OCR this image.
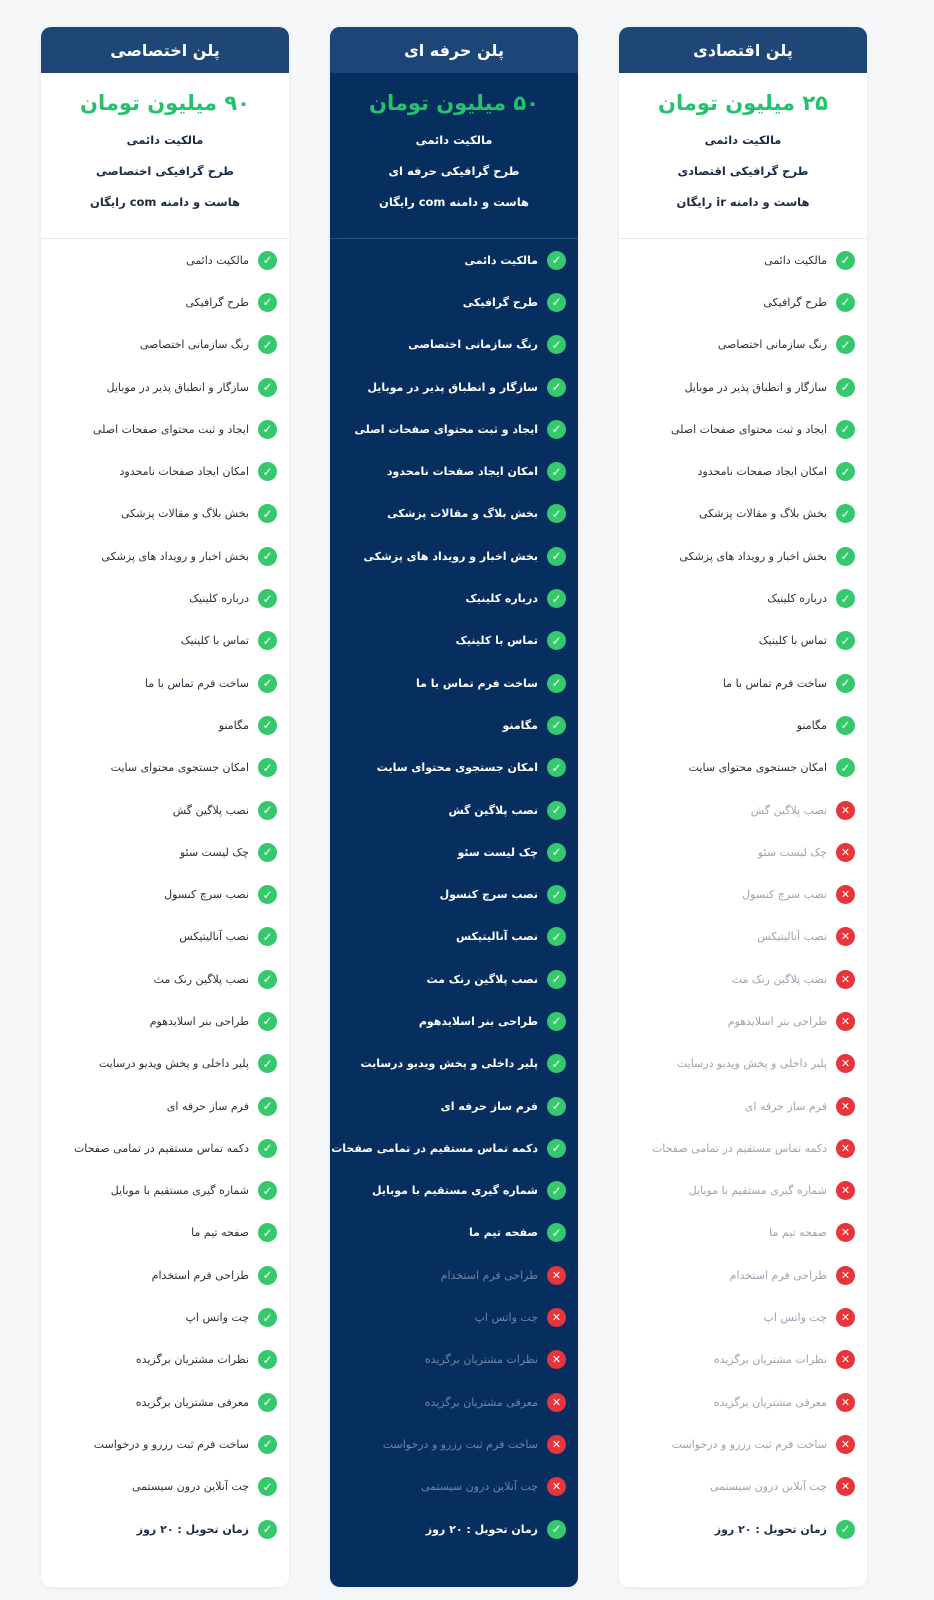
پلن اختصاصی
۹۰ میلیون تومان
مالکیت دائمی
طرح گرافیکی اختصاصی
هاست و دامنه com رایگان
✓
مالکیت دائمی
✓
طرح گرافیکی
✓
رنگ سازمانی اختصاصی
✓
سازگار و انطباق پذیر در موبایل
✓
ایجاد و ثبت محتوای صفحات اصلی
✓
امکان ایجاد صفحات نامحدود
✓
بخش بلاگ و مقالات پزشکی
✓
بخش اخبار و رویداد های پزشکی
✓
درباره کلینیک
✓
تماس با کلینیک
✓
ساخت فرم تماس با ما
✓
مگامنو
✓
امکان جستجوی محتوای سایت
✓
نصب پلاگین گش
✓
چک لیست سئو
✓
نصب سرچ کنسول
✓
نصب آنالیتیکس
✓
نصب پلاگین رنک مث
✓
طراحی بنر اسلایدهوم
✓
پلیر داخلی و پخش ویدیو درسایت
✓
فرم ساز حرفه ای
✓
دکمه تماس مستقیم در تمامی صفحات
✓
شماره گیری مستقیم با موبایل
✓
صفحه تیم ما
✓
طراحی فرم استخدام
✓
چت واتس اپ
✓
نظرات مشتریان برگزیده
✓
معرفی مشتریان برگزیده
✓
ساخت فرم ثبت رزرو و درخواست
✓
چت آنلاین درون سیستمی
✓
زمان تحویل : ۲۰ روز
پلن حرفه ای
۵۰ میلیون تومان
مالکیت دائمی
طرح گرافیکی حرفه ای
هاست و دامنه com رایگان
✓
مالکیت دائمی
✓
طرح گرافیکی
✓
رنگ سازمانی اختصاصی
✓
سازگار و انطباق پذیر در موبایل
✓
ایجاد و ثبت محتوای صفحات اصلی
✓
امکان ایجاد صفحات نامحدود
✓
بخش بلاگ و مقالات پزشکی
✓
بخش اخبار و رویداد های پزشکی
✓
درباره کلینیک
✓
تماس با کلینیک
✓
ساخت فرم تماس با ما
✓
مگامنو
✓
امکان جستجوی محتوای سایت
✓
نصب پلاگین گش
✓
چک لیست سئو
✓
نصب سرچ کنسول
✓
نصب آنالیتیکس
✓
نصب پلاگین رنک مث
✓
طراحی بنر اسلایدهوم
✓
پلیر داخلی و پخش ویدیو درسایت
✓
فرم ساز حرفه ای
✓
دکمه تماس مستقیم در تمامی صفحات
✓
شماره گیری مستقیم با موبایل
✓
صفحه تیم ما
✕
طراحی فرم استخدام
✕
چت واتس اپ
✕
نظرات مشتریان برگزیده
✕
معرفی مشتریان برگزیده
✕
ساخت فرم ثبت رزرو و درخواست
✕
چت آنلاین درون سیستمی
✓
زمان تحویل : ۲۰ روز
پلن اقتصادی
۲۵ میلیون تومان
مالکیت دائمی
طرح گرافیکی اقتصادی
هاست و دامنه ir رایگان
✓
مالکیت دائمی
✓
طرح گرافیکی
✓
رنگ سازمانی اختصاصی
✓
سازگار و انطباق پذیر در موبایل
✓
ایجاد و ثبت محتوای صفحات اصلی
✓
امکان ایجاد صفحات نامحدود
✓
بخش بلاگ و مقالات پزشکی
✓
بخش اخبار و رویداد های پزشکی
✓
درباره کلینیک
✓
تماس با کلینیک
✓
ساخت فرم تماس با ما
✓
مگامنو
✓
امکان جستجوی محتوای سایت
✕
نصب پلاگین گش
✕
چک لیست سئو
✕
نصب سرچ کنسول
✕
نصب آنالیتیکس
✕
نصب پلاگین رنک مث
✕
طراحی بنر اسلایدهوم
✕
پلیر داخلی و پخش ویدیو درسایت
✕
فرم ساز حرفه ای
✕
دکمه تماس مستقیم در تمامی صفحات
✕
شماره گیری مستقیم با موبایل
✕
صفحه تیم ما
✕
طراحی فرم استخدام
✕
چت واتس اپ
✕
نظرات مشتریان برگزیده
✕
معرفی مشتریان برگزیده
✕
ساخت فرم ثبت رزرو و درخواست
✕
چت آنلاین درون سیستمی
✓
زمان تحویل : ۲۰ روز
